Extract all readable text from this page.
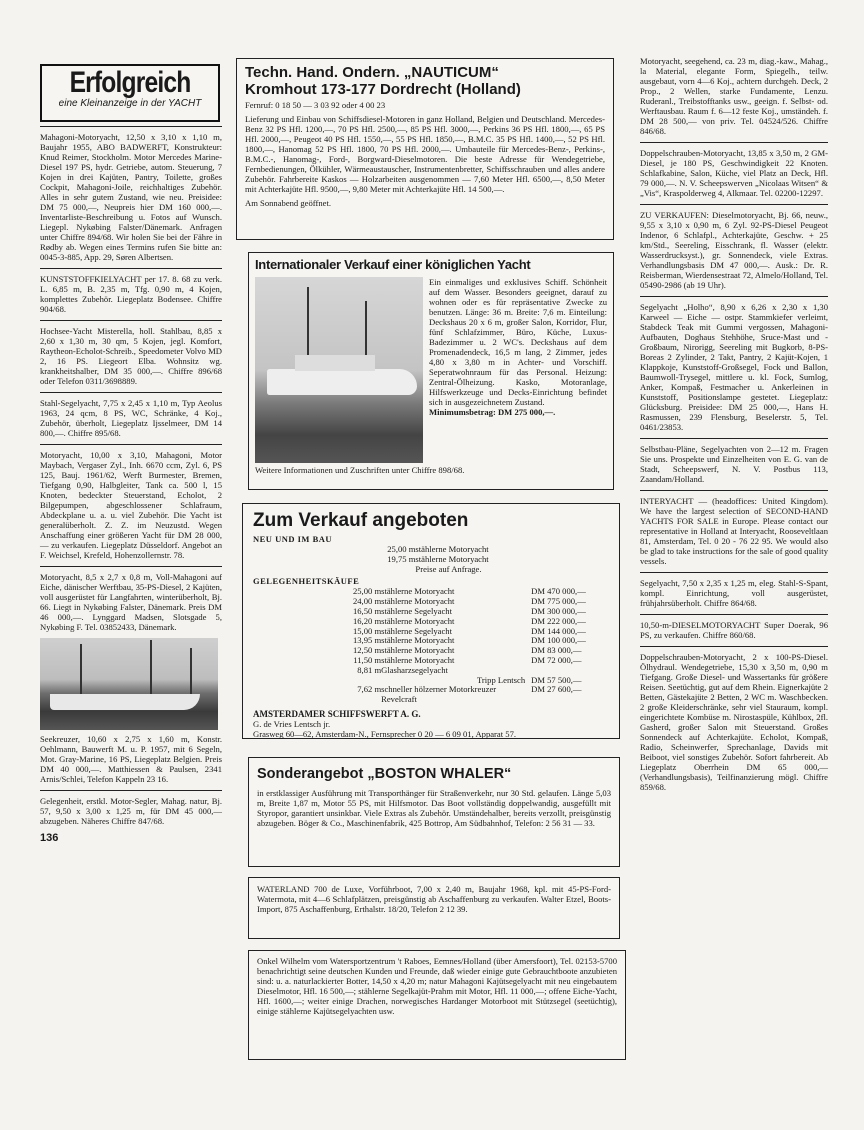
Erfolgreich
eine Kleinanzeige in der YACHT

Mahagoni-Motoryacht, 12,50 x 3,10 x 1,10 m, Baujahr 1955, ABO BADWERFT, Konstrukteur: Knud Reimer, Stockholm. Motor Mercedes Marine-Diesel 197 PS, hydr. Getriebe, autom. Steuerung, 7 Kojen in drei Kajüten, Pantry, Toilette, großes Cockpit, Mahagoni-Joile, reichhaltiges Zubehör. Alles in sehr gutem Zustand, wie neu. Preisidee: DM 75 000,—, Neupreis hier DM 160 000,—. Inventarliste-Beschreibung u. Fotos auf Wunsch. Liegepl. Nykøbing Falster/Dänemark. Anfragen unter Chiffre 894/68. Wir holen Sie bei der Fähre in Rødby ab. Wegen eines Termins rufen Sie bitte an: 0045-3-885, App. 29, Søren Albertsen.

KUNSTSTOFFKIELYACHT per 17. 8. 68 zu verk. L. 6,85 m, B. 2,35 m, Tfg. 0,90 m, 4 Kojen, komplettes Zubehör. Liegeplatz Bodensee. Chiffre 904/68.

Hochsee-Yacht Misterella, holl. Stahlbau, 8,85 x 2,60 x 1,30 m, 30 qm, 5 Kojen, jegl. Komfort, Raytheon-Echolot-Schreib., Speedometer Volvo MD 2, 16 PS. Liegeort Elba. Wohnsitz wg. krankheitshalber, DM 35 000,—. Chiffre 896/68 oder Telefon 0311/3698889.

Stahl-Segelyacht, 7,75 x 2,45 x 1,10 m, Typ Aeolus 1963, 24 qcm, 8 PS, WC, Schränke, 4 Koj., Zubehör, überholt, Liegeplatz Ijsselmeer, DM 14 800,—. Chiffre 895/68.

Motoryacht, 10,00 x 3,10, Mahagoni, Motor Maybach, Vergaser Zyl., Inh. 6670 ccm, Zyl. 6, PS 125, Bauj. 1961/62, Werft Burmester, Bremen, Tiefgang 0,90, Halbgleiter, Tank ca. 500 l, 15 Knoten, bedeckter Steuerstand, Echolot, 2 Bilgepumpen, abgeschlossener Schlafraum, Abdeckplane u. a. u. viel Zubehör. Die Yacht ist generalüberholt. Z. Z. im Neuzustd. Wegen Anschaffung einer größeren Yacht für DM 28 000,— zu verkaufen. Liegeplatz Düsseldorf. Angebot an F. Weichsel, Krefeld, Hohenzollernstr. 78.

Motoryacht, 8,5 x 2,7 x 0,8 m, Voll-Mahagoni auf Eiche, dänischer Werftbau, 35-PS-Diesel, 2 Kajüten, voll ausgerüstet für Langfahrten, winterüberholt, Bj. 66. Liegt in Nykøbing Falster, Dänemark. Preis DM 46 000,—. Lynggard Madsen, Slotsgade 5, Nykøbing F. Tel. 03852433, Dänemark.

Seekreuzer, 10,60 x 2,75 x 1,60 m, Konstr. Oehlmann, Bauwerft M. u. P. 1957, mit 6 Segeln, Mot. Gray-Marine, 16 PS, Liegeplatz Belgien. Preis DM 40 000,—. Matthiessen & Paulsen, 2341 Arnis/Schlei, Telefon Kappeln 23 16.

Gelegenheit, erstkl. Motor-Segler, Mahag. natur, Bj. 57, 9,50 x 3,00 x 1,25 m, für DM 45 000,— abzugeben. Näheres Chiffre 847/68.

136
Techn. Hand. Ondern. „NAUTICUM“
Kromhout 173-177 Dordrecht (Holland)
Fernruf: 0 18 50 — 3 03 92 oder 4 00 23

Lieferung und Einbau von Schiffsdiesel-Motoren in ganz Holland, Belgien und Deutschland. Mercedes-Benz 32 PS Hfl. 1200,—, 70 PS Hfl. 2500,—, 85 PS Hfl. 3000,—, Perkins 36 PS Hfl. 1800,—, 65 PS Hfl. 2000,—, Peugeot 40 PS Hfl. 1550,—, 55 PS Hfl. 1850,—, B.M.C. 35 PS Hfl. 1400,—, 52 PS Hfl. 1800,—, Hanomag 52 PS Hfl. 1800, 70 PS Hfl. 2000,—. Umbauteile für Mercedes-Benz-, Perkins-, B.M.C.-, Hanomag-, Ford-, Borgward-Dieselmotoren. Die beste Adresse für Wendegetriebe, Fernbedienungen, Ölkühler, Wärmeaustauscher, Instrumentenbretter, Schiffsschrauben und alles andere Zubehör. Fahrbereite Kaskos — Holzarbeiten ausgenommen — 7,60 Meter Hfl. 6500,—, 8,50 Meter mit Achterkajüte Hfl. 9500,—, 9,80 Meter mit Achterkajüte Hfl. 14 500,—.

Am Sonnabend geöffnet.

Internationaler Verkauf einer königlichen Yacht

Ein einmaliges und exklusives Schiff. Schönheit auf dem Wasser. Besonders geeignet, darauf zu wohnen oder es für repräsentative Zwecke zu benutzen. Länge: 36 m. Breite: 7,6 m. Einteilung: Deckshaus 20 x 6 m, großer Salon, Korridor, Flur, fünf Schlafzimmer, Büro, Küche, Luxus-Badezimmer u. 2 WC's. Deckshaus auf dem Promenadendeck, 16,5 m lang, 2 Zimmer, jedes 4,80 x 3,80 m in Achter- und Vorschiff. Seperatwohnraum für das Personal. Heizung: Zentral-Ölheizung. Kasko, Motoranlage, Hilfswerkzeuge und Decks-Einrichtung befindet sich in ausgezeichnetem Zustand.

Minimumsbetrag: DM 275 000,—.

Weitere Informationen und Zuschriften unter Chiffre 898/68.

Zum Verkauf angeboten
NEU UND IM BAU
	25,00 m	stählerne Motoryacht
	19,75 m	stählerne Motoryacht
		Preise auf Anfrage.
GELEGENHEITSKÄUFE
	25,00 m	stählerne Motoryacht	DM 470 000,—
	24,00 m	stählerne Motoryacht	DM 775 000,—
	16,50 m	stählerne Segelyacht	DM 300 000,—
	16,20 m	stählerne Motoryacht	DM 222 000,—
	15,00 m	stählerne Segelyacht	DM 144 000,—
	13,95 m	stählerne Motoryacht	DM 100 000,—
	12,50 m	stählerne Motoryacht	DM 83 000,—
	11,50 m	stählerne Motoryacht	DM 72 000,—
	8,81 m	Glasharzsegelyacht	
		Tripp Lentsch	DM 57 500,—
	7,62 m	schneller hölzerner Motorkreuzer Revelcraft	DM 27 600,—
AMSTERDAMER SCHIFFSWERFT A. G.
G. de Vries Lentsch jr.
Grasweg 60—62, Amsterdam-N., Fernsprecher 0 20 — 6 09 01, Apparat 57.
Sonderangebot „BOSTON WHALER“

in erstklassiger Ausführung mit Transporthänger für Straßenverkehr, nur 30 Std. gelaufen. Länge 5,03 m, Breite 1,87 m, Motor 55 PS, mit Hilfsmotor. Das Boot vollständig doppelwandig, ausgefüllt mit Styropor, garantiert unsinkbar. Viele Extras als Zubehör. Umständehalber, bereits verzollt, preisgünstig abzugeben. Böger & Co., Maschinenfabrik, 425 Bottrop, Am Südbahnhof, Telefon: 2 56 31 — 33.

WATERLAND 700 de Luxe, Vorführboot, 7,00 x 2,40 m, Baujahr 1968, kpl. mit 45-PS-Ford-Watermota, mit 4—6 Schlafplätzen, preisgünstig ab Aschaffenburg zu verkaufen. Walter Etzel, Boots-Import, 875 Aschaffenburg, Erthalstr. 18/20, Telefon 2 12 39.

Onkel Wilhelm vom Watersportzentrum 't Raboes, Eemnes/Holland (über Amersfoort), Tel. 02153-5700 benachrichtigt seine deutschen Kunden und Freunde, daß wieder einige gute Gebrauchtboote anzubieten sind: u. a. naturlackierter Botter, 14,50 x 4,20 m; natur Mahagoni Kajütsegelyacht mit neu eingebautem Dieselmotor, Hfl. 16 500,—; stählerne Segelkajüt-Prahm mit Motor, Hfl. 11 000,—; offene Eiche-Yacht, Hfl. 1600,—; weiter einige Drachen, norwegisches Hardanger Motorboot mit Stützsegel (seetüchtig), einige stählerne Kajütsegelyachten usw.

Motoryacht, seegehend, ca. 23 m, diag.-kaw., Mahag., la Material, elegante Form, Spiegelh., teilw. ausgebaut, vorn 4—6 Koj., achtern durchgeh. Deck, 2 Prop., 2 Wellen, starke Fundamente, Lenzu. Ruderanl., Treibstofftanks usw., geeign. f. Selbst- od. Werftausbau. Raum f. 6—12 feste Koj., umständeh. f. DM 28 500,— von priv. Tel. 04524/526. Chiffre 846/68.

Doppelschrauben-Motoryacht, 13,85 x 3,50 m, 2 GM-Diesel, je 180 PS, Geschwindigkeit 22 Knoten. Schlafkabine, Salon, Küche, viel Platz an Deck, Hfl. 79 000,—. N. V. Scheepswerven „Nicolaas Witsen“ & „Vis“, Kraspolderweg 4, Alkmaar. Tel. 02200-12297.

ZU VERKAUFEN: Dieselmotoryacht, Bj. 66, neuw., 9,55 x 3,10 x 0,90 m, 6 Zyl. 92-PS-Diesel Peugeot Indenor, 6 Schlafpl., Achterkajüte, Geschw. + 25 km/Std., Seereling, Eisschrank, fl. Wasser (elektr. Wasserdrucksyst.), gr. Sonnendeck, viele Extras. Verhandlungsbasis DM 47 000,—. Ausk.: Dr. R. Reisberman, Wierdensestraat 72, Almelo/Holland, Tel. 05490-2986 (ab 19 Uhr).

Segelyacht „Holho“, 8,90 x 6,26 x 2,30 x 1,30 Karweel — Eiche — ostpr. Stammkiefer verleimt, Stabdeck Teak mit Gummi vergossen, Mahagoni-Aufbauten, Doghaus Stehhöhe, Sruce-Mast und -Großbaum, Nirorigg, Seereling mit Bugkorb, 8-PS-Boreas 2 Zylinder, 2 Takt, Pantry, 2 Kajüt-Kojen, 1 Klappkoje, Kunststoff-Großsegel, Fock und Ballon, Baumwoll-Trysegel, mittlere u. kl. Fock, Sumlog, Anker, Kompaß, Festmacher u. Ankerleinen in Kunststoff, Positionslampe gestetet. Liegeplatz: Glücksburg. Preisidee: DM 25 000,—, Hans H. Rasmussen, 239 Flensburg, Beselerstr. 5, Tel. 0461/23853.

Selbstbau-Pläne, Segelyachten von 2—12 m. Fragen Sie uns. Prospekte und Einzelheiten von E. G. van de Stadt, Scheepswerf, N. V. Postbus 113, Zaandam/Holland.

INTERYACHT — (headoffices: United Kingdom). We have the largest selection of SECOND-HAND YACHTS FOR SALE in Europe. Please contact our representative in Holland at Interyacht, Rooseveltlaan 81, Amsterdam, Tel. 0 20 - 76 22 95. We would also be glad to take instructions for the sale of good quality vessels.

Segelyacht, 7,50 x 2,35 x 1,25 m, eleg. Stahl-S-Spant, kompl. Einrichtung, voll ausgerüstet, frühjahrsüberholt. Chiffre 864/68.

10,50-m-DIESELMOTORYACHT Super Doerak, 96 PS, zu verkaufen. Chiffre 860/68.

Doppelschrauben-Motoryacht, 2 x 100-PS-Diesel. Ölhydraul. Wendegetriebe, 15,30 x 3,50 m, 0,90 m Tiefgang. Große Diesel- und Wassertanks für größere Reisen. Seetüchtig, gut auf dem Rhein. Eignerkajüte 2 Betten, Gästekajüte 2 Betten, 2 WC m. Waschbecken. 2 große Kleiderschränke, sehr viel Stauraum, kompl. eingerichtete Kombüse m. Nirostaspüle, Kühlbox, 2fl. Gasherd, großer Salon mit Steuerstand. Großes Sonnendeck auf Achterkajüte. Echolot, Kompaß, Radio, Scheinwerfer, Sprechanlage, Davids mit Beiboot, viel sonstiges Zubehör. Sofort fahrbereit. Ab Liegeplatz Oberrhein DM 65 000,— (Verhandlungsbasis), Teilfinanzierung mögl. Chiffre 859/68.
